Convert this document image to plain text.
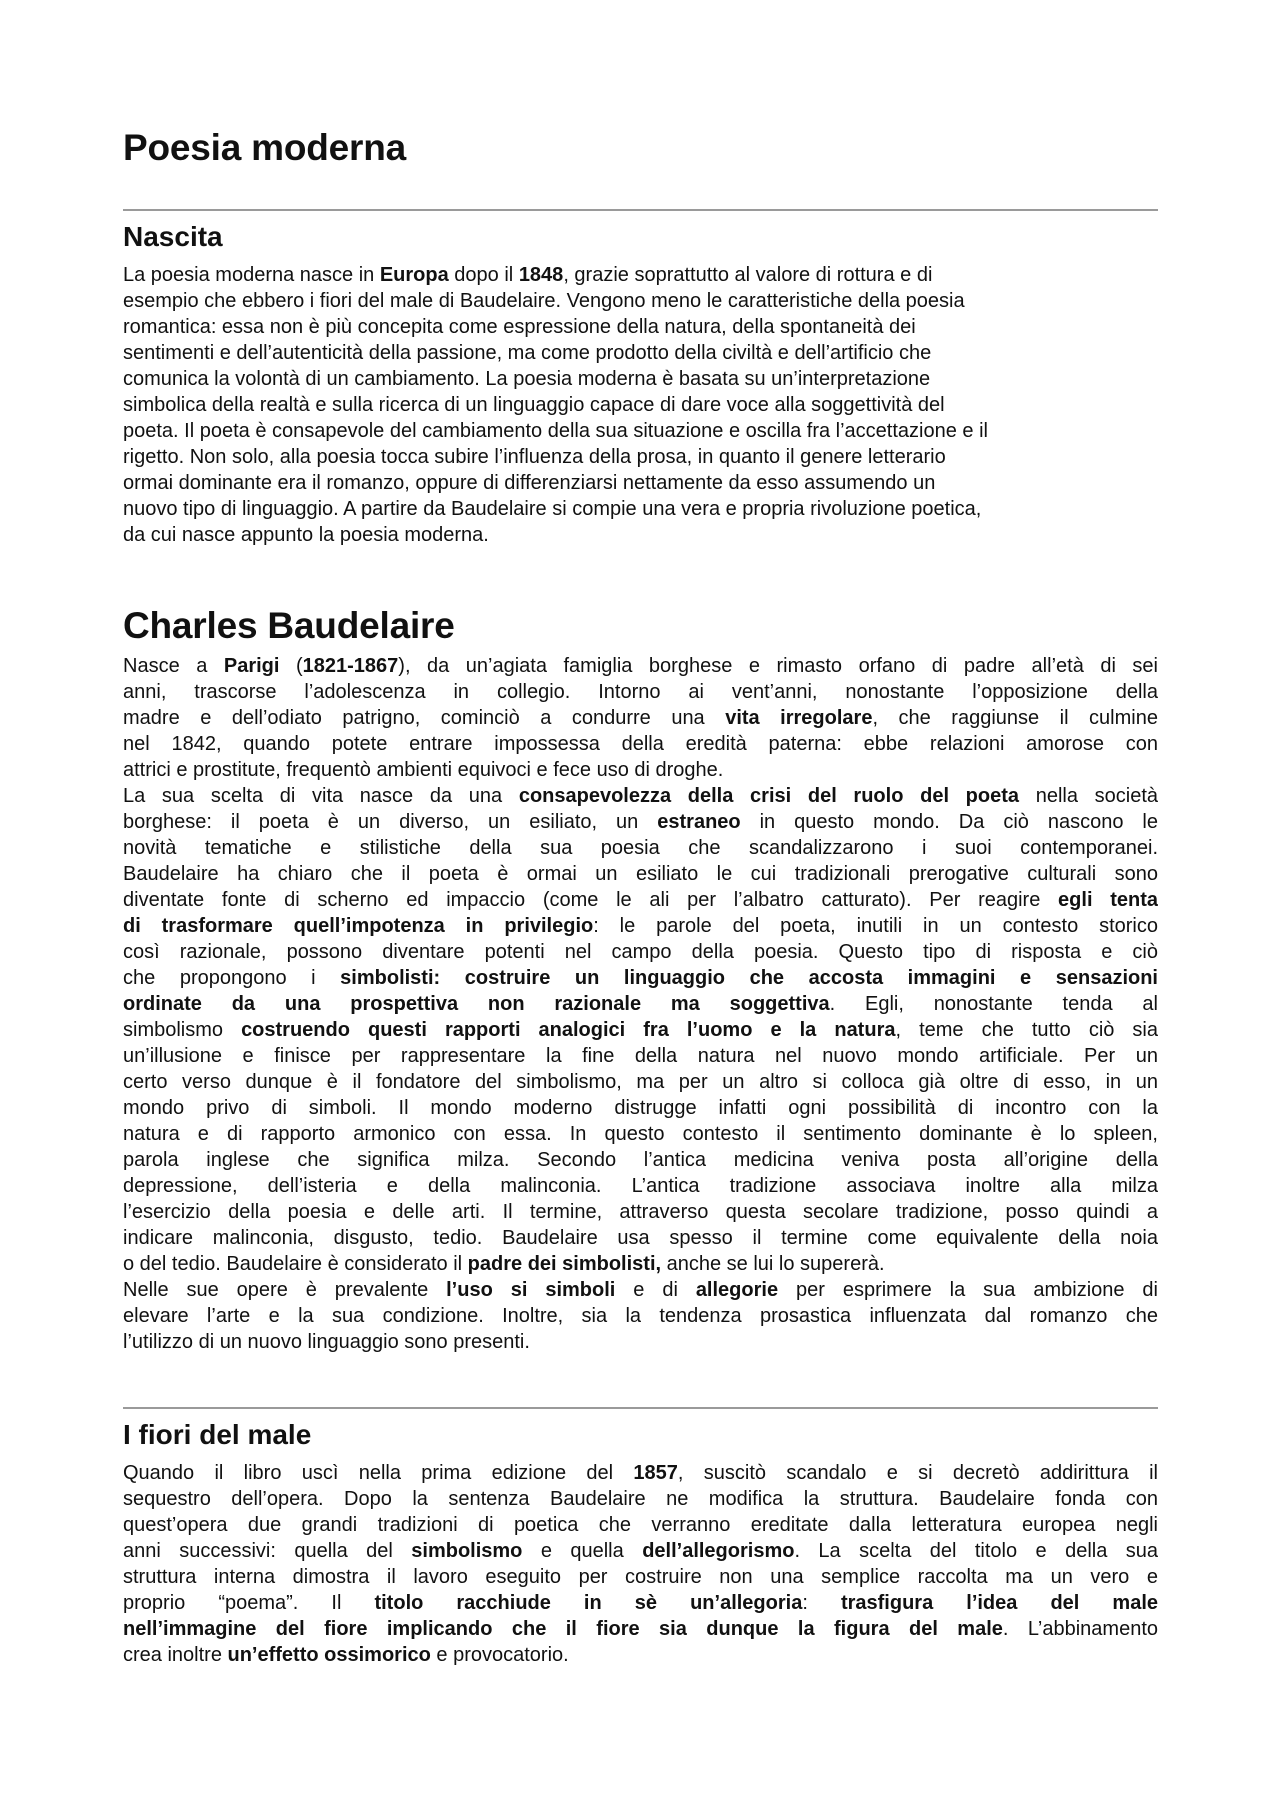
Poesia moderna
Nascita
La poesia moderna nasce in Europa dopo il 1848, grazie soprattutto al valore di rottura e di
esempio che ebbero i fiori del male di Baudelaire. Vengono meno le caratteristiche della poesia
romantica: essa non è più concepita come espressione della natura, della spontaneità dei
sentimenti e dell’autenticità della passione, ma come prodotto della civiltà e dell’artificio che
comunica la volontà di un cambiamento. La poesia moderna è basata su un’interpretazione
simbolica della realtà e sulla ricerca di un linguaggio capace di dare voce alla soggettività del
poeta. Il poeta è consapevole del cambiamento della sua situazione e oscilla fra l’accettazione e il
rigetto. Non solo, alla poesia tocca subire l’influenza della prosa, in quanto il genere letterario
ormai dominante era il romanzo, oppure di differenziarsi nettamente da esso assumendo un
nuovo tipo di linguaggio. A partire da Baudelaire si compie una vera e propria rivoluzione poetica,
da cui nasce appunto la poesia moderna.
Charles Baudelaire
Nasce a Parigi (1821-1867), da un’agiata famiglia borghese e rimasto orfano di padre all’età di sei
anni, trascorse l’adolescenza in collegio. Intorno ai vent’anni, nonostante l’opposizione della
madre e dell’odiato patrigno, cominciò a condurre una vita irregolare, che raggiunse il culmine
nel 1842, quando potete entrare impossessa della eredità paterna: ebbe relazioni amorose con
attrici e prostitute, frequentò ambienti equivoci e fece uso di droghe.
La sua scelta di vita nasce da una consapevolezza della crisi del ruolo del poeta nella società
borghese: il poeta è un diverso, un esiliato, un estraneo in questo mondo. Da ciò nascono le
novità tematiche e stilistiche della sua poesia che scandalizzarono i suoi contemporanei.
Baudelaire ha chiaro che il poeta è ormai un esiliato le cui tradizionali prerogative culturali sono
diventate fonte di scherno ed impaccio (come le ali per l’albatro catturato). Per reagire egli tenta
di trasformare quell’impotenza in privilegio: le parole del poeta, inutili in un contesto storico
così razionale, possono diventare potenti nel campo della poesia. Questo tipo di risposta e ciò
che propongono i simbolisti: costruire un linguaggio che accosta immagini e sensazioni
ordinate da una prospettiva non razionale ma soggettiva. Egli, nonostante tenda al
simbolismo costruendo questi rapporti analogici fra l’uomo e la natura, teme che tutto ciò sia
un’illusione e finisce per rappresentare la fine della natura nel nuovo mondo artificiale. Per un
certo verso dunque è il fondatore del simbolismo, ma per un altro si colloca già oltre di esso, in un
mondo privo di simboli. Il mondo moderno distrugge infatti ogni possibilità di incontro con la
natura e di rapporto armonico con essa. In questo contesto il sentimento dominante è lo spleen,
parola inglese che significa milza. Secondo l’antica medicina veniva posta all’origine della
depressione, dell’isteria e della malinconia. L’antica tradizione associava inoltre alla milza
l’esercizio della poesia e delle arti. Il termine, attraverso questa secolare tradizione, posso quindi a
indicare malinconia, disgusto, tedio. Baudelaire usa spesso il termine come equivalente della noia
o del tedio. Baudelaire è considerato il padre dei simbolisti, anche se lui lo supererà.
Nelle sue opere è prevalente l’uso si simboli e di allegorie per esprimere la sua ambizione di
elevare l’arte e la sua condizione. Inoltre, sia la tendenza prosastica influenzata dal romanzo che
l’utilizzo di un nuovo linguaggio sono presenti.
I fiori del male
Quando il libro uscì nella prima edizione del 1857, suscitò scandalo e si decretò addirittura il
sequestro dell’opera. Dopo la sentenza Baudelaire ne modifica la struttura. Baudelaire fonda con
quest’opera due grandi tradizioni di poetica che verranno ereditate dalla letteratura europea negli
anni successivi: quella del simbolismo e quella dell’allegorismo. La scelta del titolo e della sua
struttura interna dimostra il lavoro eseguito per costruire non una semplice raccolta ma un vero e
proprio “poema”. Il titolo racchiude in sè un’allegoria: trasfigura l’idea del male
nell’immagine del fiore implicando che il fiore sia dunque la figura del male. L’abbinamento
crea inoltre un’effetto ossimorico e provocatorio.
